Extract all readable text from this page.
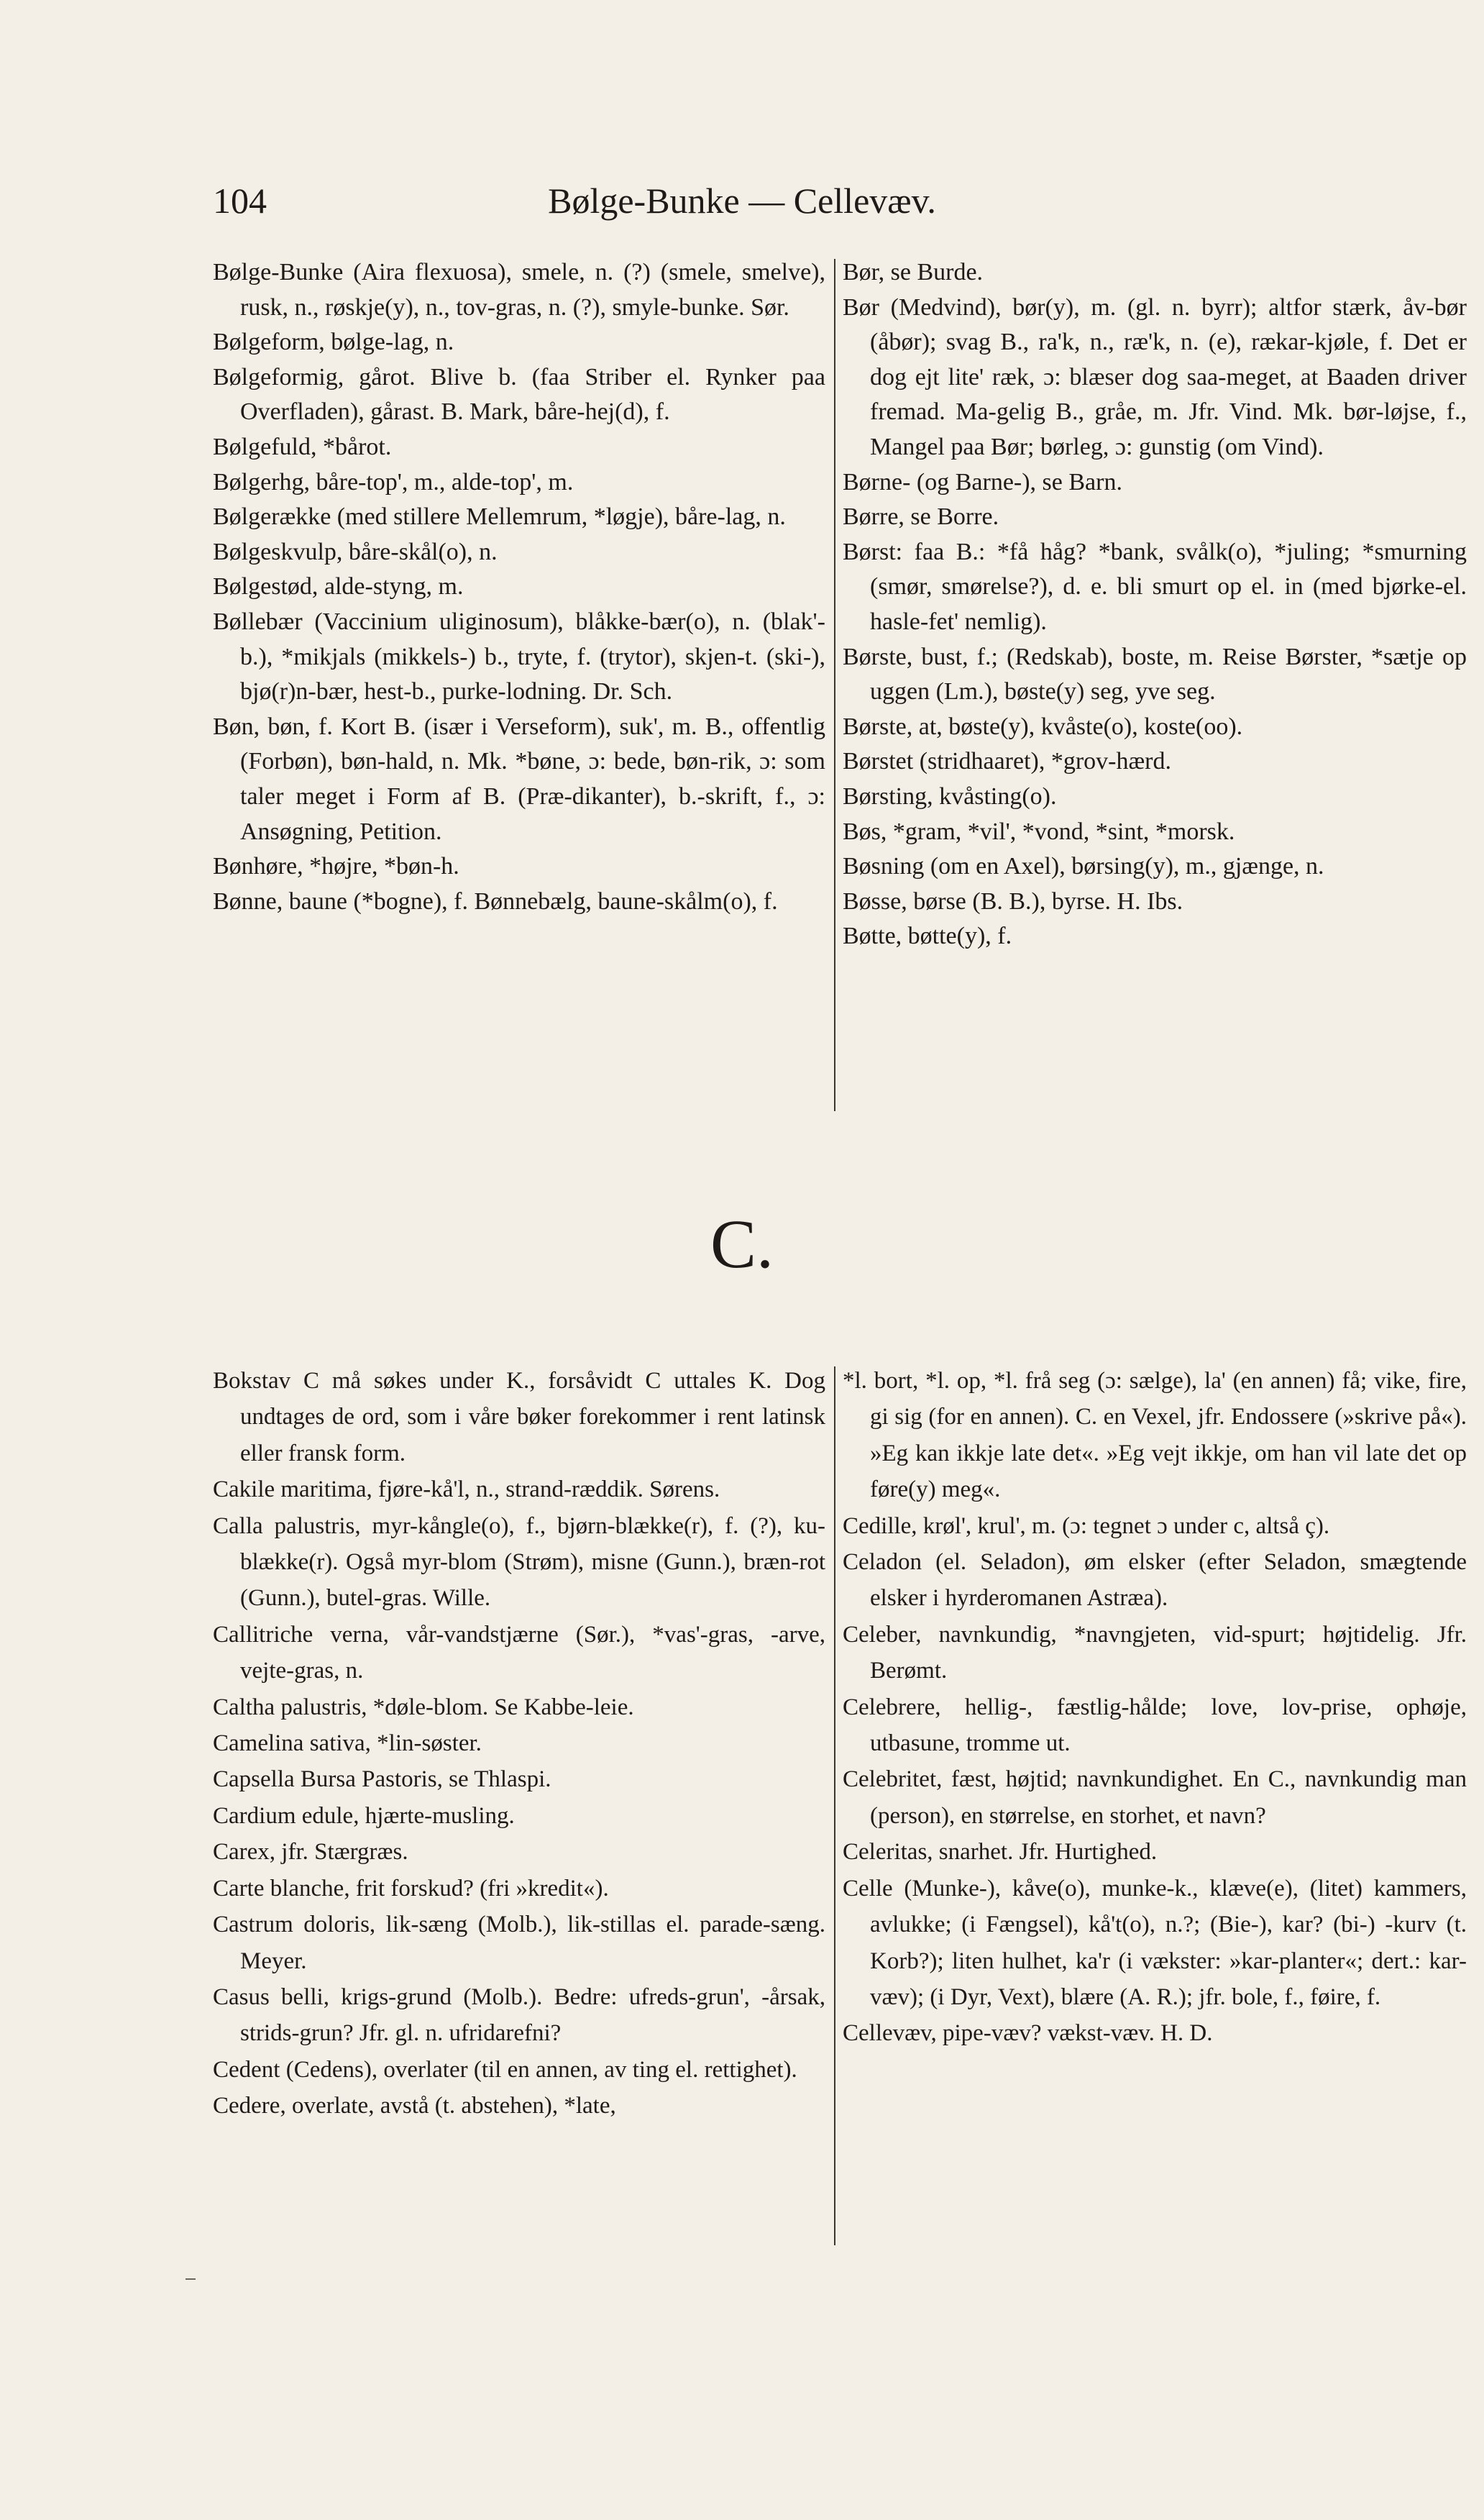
104	Bølge-Bunke — Cellevæv.

Bølge-Bunke (Aira flexuosa), smele, n. (?) (smele, smelve), rusk, n., røskje(y), n., tov-gras, n. (?), smyle-bunke. Sør.

Bølgeform, bølge-lag, n.

Bølgeformig, gårot. Blive b. (faa Striber el. Rynker paa Overfladen), gårast. B. Mark, båre-hej(d), f.

Bølgefuld, *bårot.

Bølgerhg, båre-top', m., alde-top', m.

Bølgerække (med stillere Mellemrum, *løgje), båre-lag, n.

Bølgeskvulp, båre-skål(o), n.

Bølgestød, alde-styng, m.

Bøllebær (Vaccinium uliginosum), blåkke-bær(o), n. (blak'-b.), *mikjals (mikkels-) b., tryte, f. (trytor), skjen-t. (ski-), bjø(r)n-bær, hest-b., purke-lodning. Dr. Sch.

Bøn, bøn, f. Kort B. (især i Verseform), suk', m. B., offentlig (Forbøn), bøn-hald, n. Mk. *bøne, ɔ: bede, bøn-rik, ɔ: som taler meget i Form af B. (Præ-dikanter), b.-skrift, f., ɔ: Ansøgning, Petition.

Bønhøre, *højre, *bøn-h.

Bønne, baune (*bogne), f. Bønnebælg, baune-skålm(o), f.

Bør, se Burde.

Bør (Medvind), bør(y), m. (gl. n. byrr); altfor stærk, åv-bør (åbør); svag B., ra'k, n., ræ'k, n. (e), rækar-kjøle, f. Det er dog ejt lite' ræk, ɔ: blæser dog saa-meget, at Baaden driver fremad. Ma-gelig B., gråe, m. Jfr. Vind. Mk. bør-løjse, f., Mangel paa Bør; børleg, ɔ: gunstig (om Vind).

Børne- (og Barne-), se Barn.

Børre, se Borre.

Børst: faa B.: *få håg? *bank, svålk(o), *juling; *smurning (smør, smørelse?), d. e. bli smurt op el. in (med bjørke-el. hasle-fet' nemlig).

Børste, bust, f.; (Redskab), boste, m. Reise Børster, *sætje op uggen (Lm.), bøste(y) seg, yve seg.

Børste, at, bøste(y), kvåste(o), koste(oo).

Børstet (stridhaaret), *grov-hærd.

Børsting, kvåsting(o).

Bøs, *gram, *vil', *vond, *sint, *morsk.

Bøsning (om en Axel), børsing(y), m., gjænge, n.

Bøsse, børse (B. B.), byrse. H. Ibs.

Bøtte, bøtte(y), f.

C.

Bokstav C må søkes under K., forsåvidt C uttales K. Dog undtages de ord, som i våre bøker forekommer i rent latinsk eller fransk form.

Cakile maritima, fjøre-kå'l, n., strand-ræddik. Sørens.

Calla palustris, myr-kångle(o), f., bjørn-blække(r), f. (?), ku-blække(r). Også myr-blom (Strøm), misne (Gunn.), bræn-rot (Gunn.), butel-gras. Wille.

Callitriche verna, vår-vandstjærne (Sør.), *vas'-gras, -arve, vejte-gras, n.

Caltha palustris, *døle-blom. Se Kabbe-leie.

Camelina sativa, *lin-søster.

Capsella Bursa Pastoris, se Thlaspi.

Cardium edule, hjærte-musling.

Carex, jfr. Stærgræs.

Carte blanche, frit forskud? (fri »kredit«).

Castrum doloris, lik-sæng (Molb.), lik-stillas el. parade-sæng. Meyer.

Casus belli, krigs-grund (Molb.). Bedre: ufreds-grun', -årsak, strids-grun? Jfr. gl. n. ufridarefni?

Cedent (Cedens), overlater (til en annen, av ting el. rettighet).

Cedere, overlate, avstå (t. abstehen), *late,

*l. bort, *l. op, *l. frå seg (ɔ: sælge), la' (en annen) få; vike, fire, gi sig (for en annen). C. en Vexel, jfr. Endossere (»skrive på«). »Eg kan ikkje late det«. »Eg vejt ikkje, om han vil late det op føre(y) meg«.

Cedille, krøl', krul', m. (ɔ: tegnet ɔ under c, altså ç).

Celadon (el. Seladon), øm elsker (efter Seladon, smægtende elsker i hyrderomanen Astræa).

Celeber, navnkundig, *navngjeten, vid-spurt; højtidelig. Jfr. Berømt.

Celebrere, hellig-, fæstlig-hålde; love, lov-prise, ophøje, utbasune, tromme ut.

Celebritet, fæst, højtid; navnkundighet. En C., navnkundig man (person), en størrelse, en storhet, et navn?

Celeritas, snarhet. Jfr. Hurtighed.

Celle (Munke-), kåve(o), munke-k., klæve(e), (litet) kammers, avlukke; (i Fængsel), kå't(o), n.?; (Bie-), kar? (bi-) -kurv (t. Korb?); liten hulhet, ka'r (i vækster: »kar-planter«; dert.: kar-væv); (i Dyr, Vext), blære (A. R.); jfr. bole, f., føire, f.

Cellevæv, pipe-væv? vækst-væv. H. D.
